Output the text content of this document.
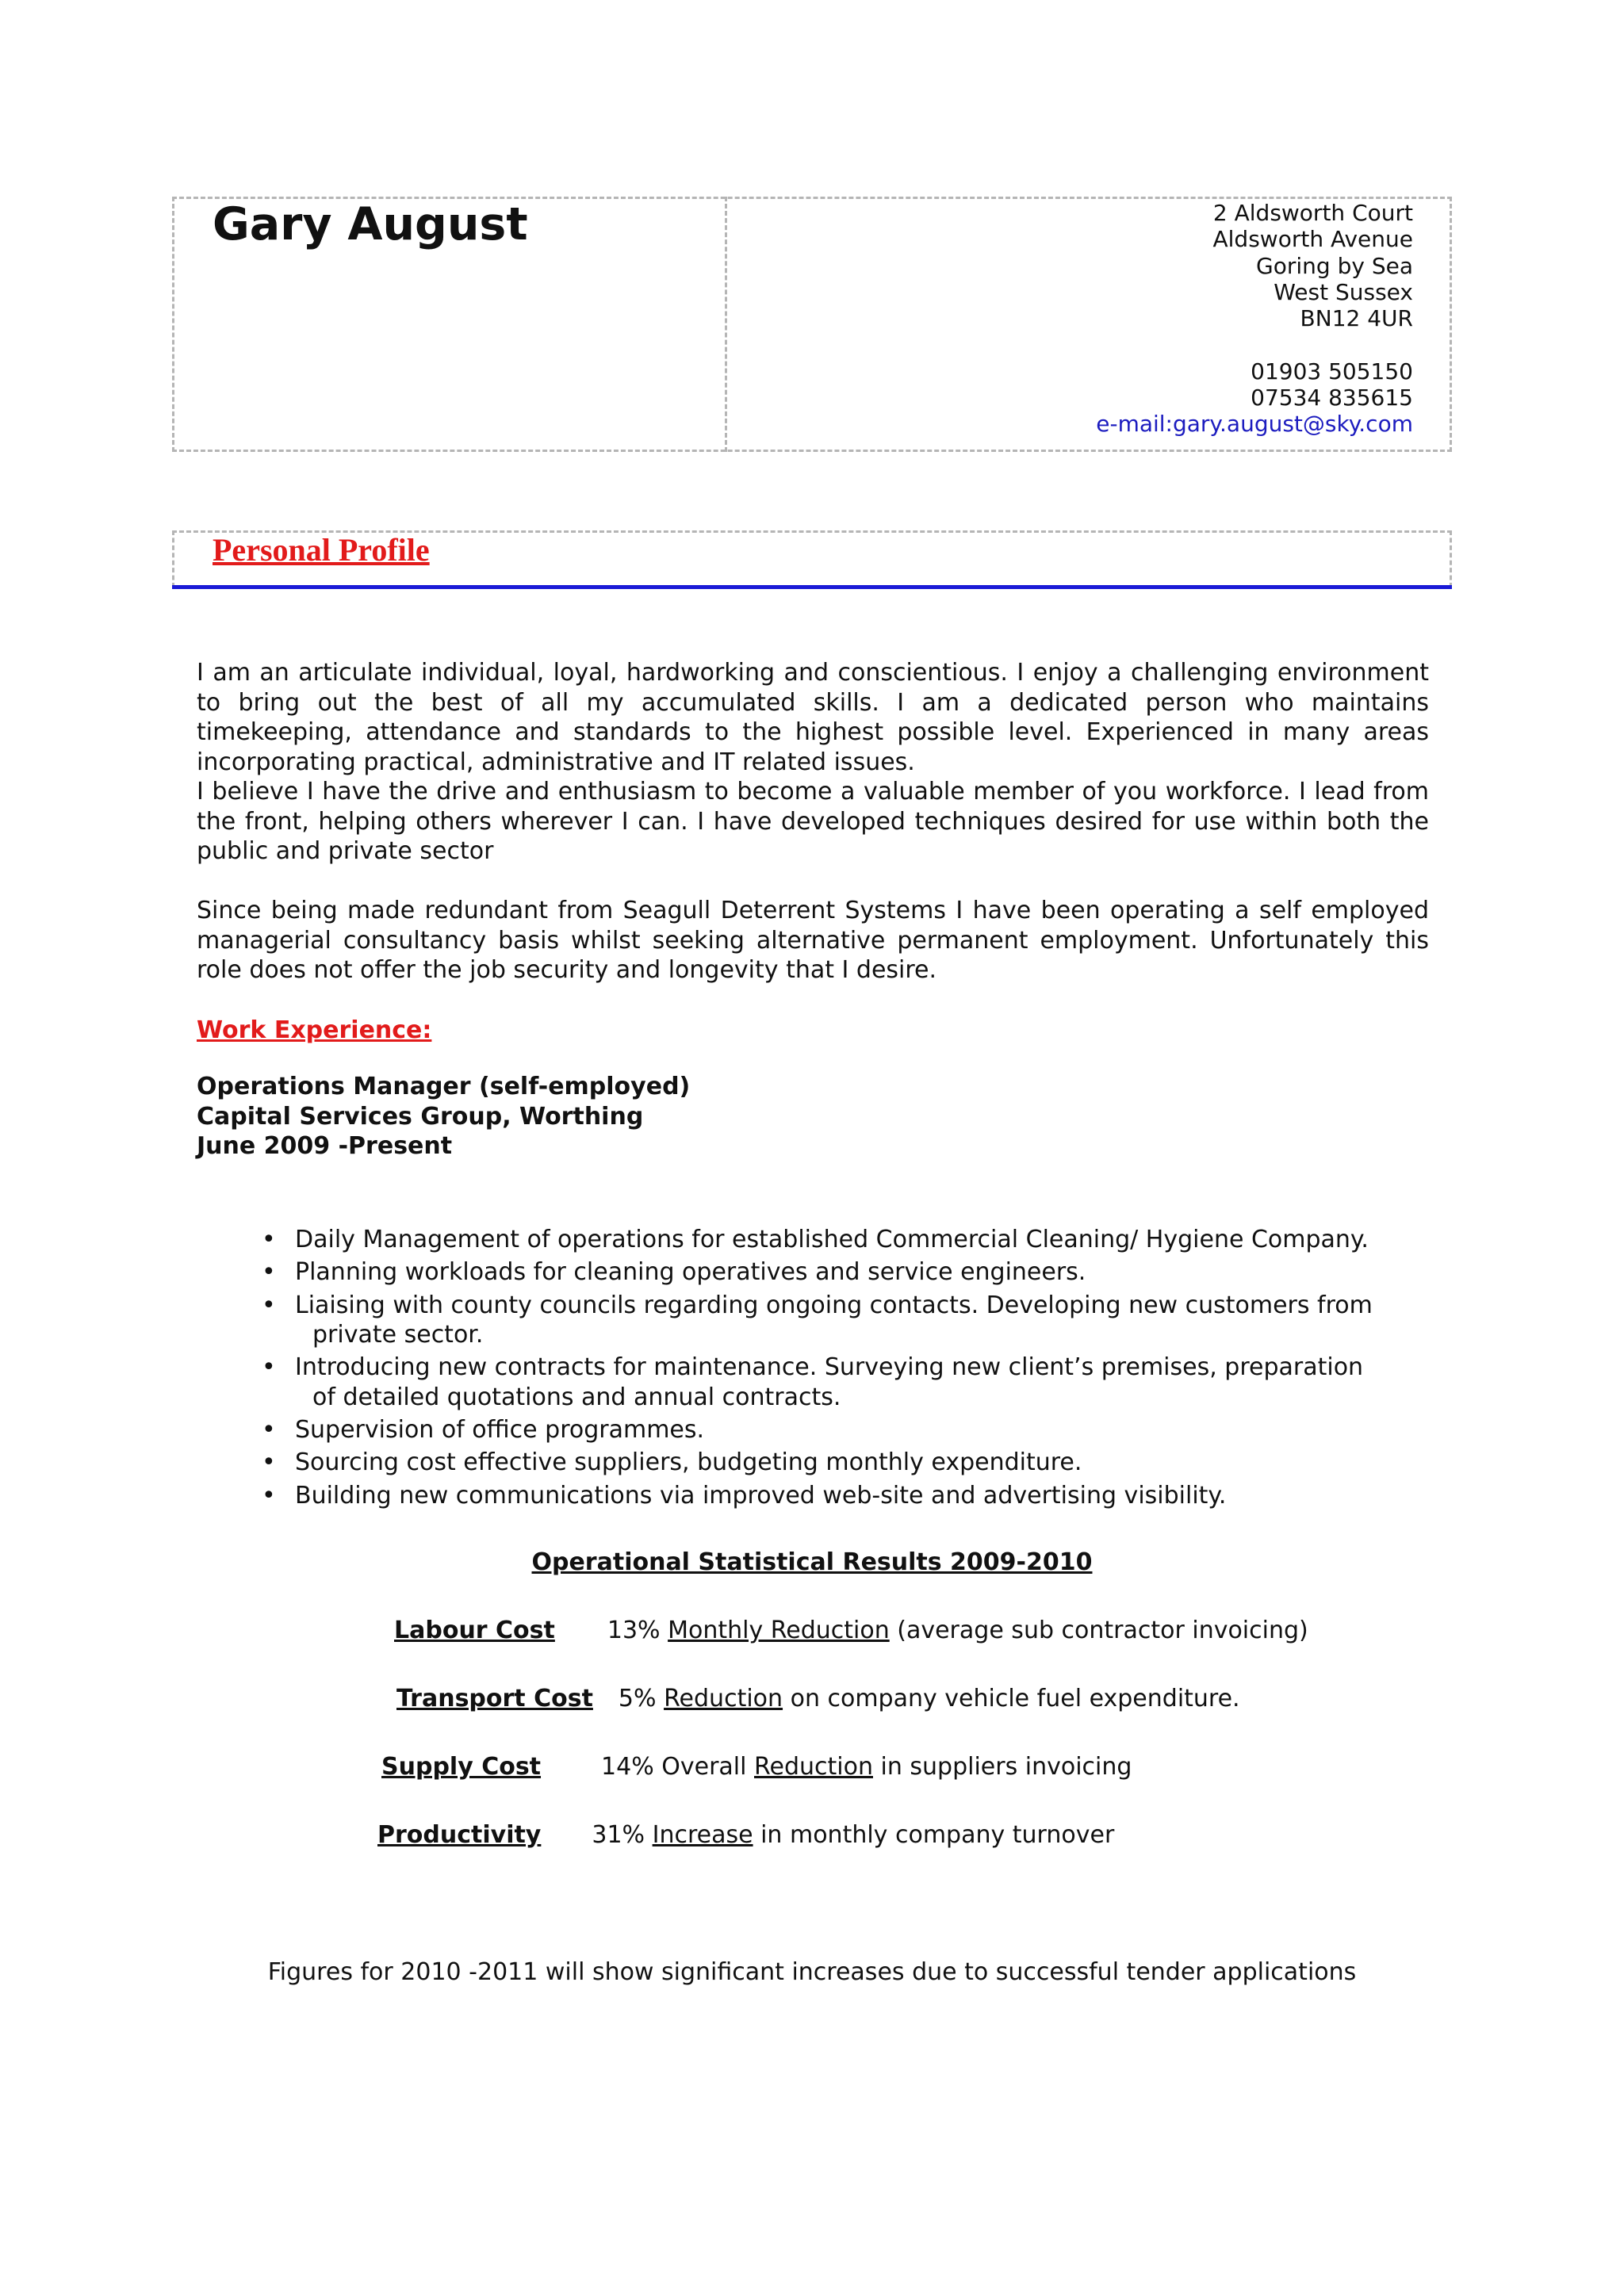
Gary August	2 Aldsworth Court
Aldsworth Avenue
Goring by Sea
West Sussex
BN12 4UR
01903 505150
07534 835615
e-mail:gary.august@sky.com
Personal Profile
I am an articulate individual, loyal, hardworking and conscientious. I enjoy a challenging environment to bring out the best of all my accumulated skills. I am a dedicated person who maintains timekeeping, attendance and standards to the highest possible level. Experienced in many areas incorporating practical, administrative and IT related issues.
I believe I have the drive and enthusiasm to become a valuable member of you workforce. I lead from the front, helping others wherever I can. I have developed techniques desired for use within both the public and private sector
Since being made redundant from Seagull Deterrent Systems I have been operating a self employed managerial consultancy basis whilst seeking alternative permanent employment. Unfortunately this role does not offer the job security and longevity that I desire.
Work Experience:
Operations Manager (self-employed)
Capital Services Group, Worthing
June 2009 -Present
• Daily Management of operations for established Commercial Cleaning/ Hygiene Company.
• Planning workloads for cleaning operatives and service engineers.
• Liaising with county councils regarding ongoing contacts. Developing new customers from
private sector.
• Introducing new contracts for maintenance. Surveying new client’s premises, preparation
of detailed quotations and annual contracts.
• Supervision of office programmes.
• Sourcing cost effective suppliers, budgeting monthly expenditure.
• Building new communications via improved web-site and advertising visibility.
Operational Statistical Results 2009-2010
Labour Cost 13% Monthly Reduction (average sub contractor invoicing)
Transport Cost 5% Reduction on company vehicle fuel expenditure.
Supply Cost	14% Overall Reduction in suppliers invoicing
Productivity 31% Increase in monthly company turnover
Figures for 2010 -2011 will show significant increases due to successful tender applications
